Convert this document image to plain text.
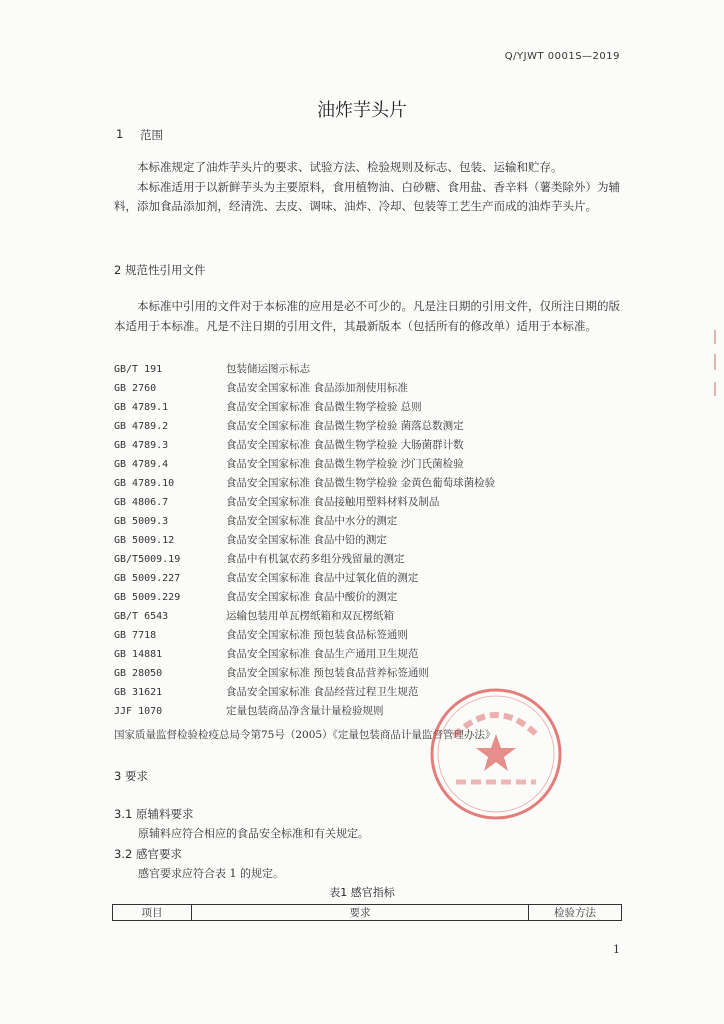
Q/YJWT 0001S—2019
油炸芋头片
1 范围

本标准规定了油炸芋头片的要求、试验方法、检验规则及标志、包装、运输和贮存。

本标准适用于以新鲜芋头为主要原料，食用植物油、白砂糖、食用盐、香辛料（薯类除外）为辅料，添加食品添加剂，经清洗、去皮、调味、油炸、冷却、包装等工艺生产而成的油炸芋头片。

2 规范性引用文件

本标准中引用的文件对于本标准的应用是必不可少的。凡是注日期的引用文件，仅所注日期的版本适用于本标准。凡是不注日期的引用文件，其最新版本（包括所有的修改单）适用于本标准。

GB/T 191	包装储运图示标志
GB 2760	食品安全国家标准 食品添加剂使用标准
GB 4789.1	食品安全国家标准 食品微生物学检验 总则
GB 4789.2	食品安全国家标准 食品微生物学检验 菌落总数测定
GB 4789.3	食品安全国家标准 食品微生物学检验 大肠菌群计数
GB 4789.4	食品安全国家标准 食品微生物学检验 沙门氏菌检验
GB 4789.10	食品安全国家标准 食品微生物学检验 金黄色葡萄球菌检验
GB 4806.7	食品安全国家标准 食品接触用塑料材料及制品
GB 5009.3	食品安全国家标准 食品中水分的测定
GB 5009.12	食品安全国家标准 食品中铅的测定
GB/T5009.19	食品中有机氯农药多组分残留量的测定
GB 5009.227	食品安全国家标准 食品中过氧化值的测定
GB 5009.229	食品安全国家标准 食品中酸价的测定
GB/T 6543	运输包装用单瓦楞纸箱和双瓦楞纸箱
GB 7718	食品安全国家标准 预包装食品标签通则
GB 14881	食品安全国家标准 食品生产通用卫生规范
GB 28050	食品安全国家标准 预包装食品营养标签通则
GB 31621	食品安全国家标准 食品经营过程卫生规范
JJF 1070	定量包装商品净含量计量检验规则
国家质量监督检验检疫总局令第75号（2005）《定量包装商品计量监督管理办法》
3 要求
3.1 原辅料要求
原辅料应符合相应的食品安全标准和有关规定。
3.2 感官要求
感官要求应符合表 1 的规定。
表1 感官指标
项目	要求	检验方法
1
